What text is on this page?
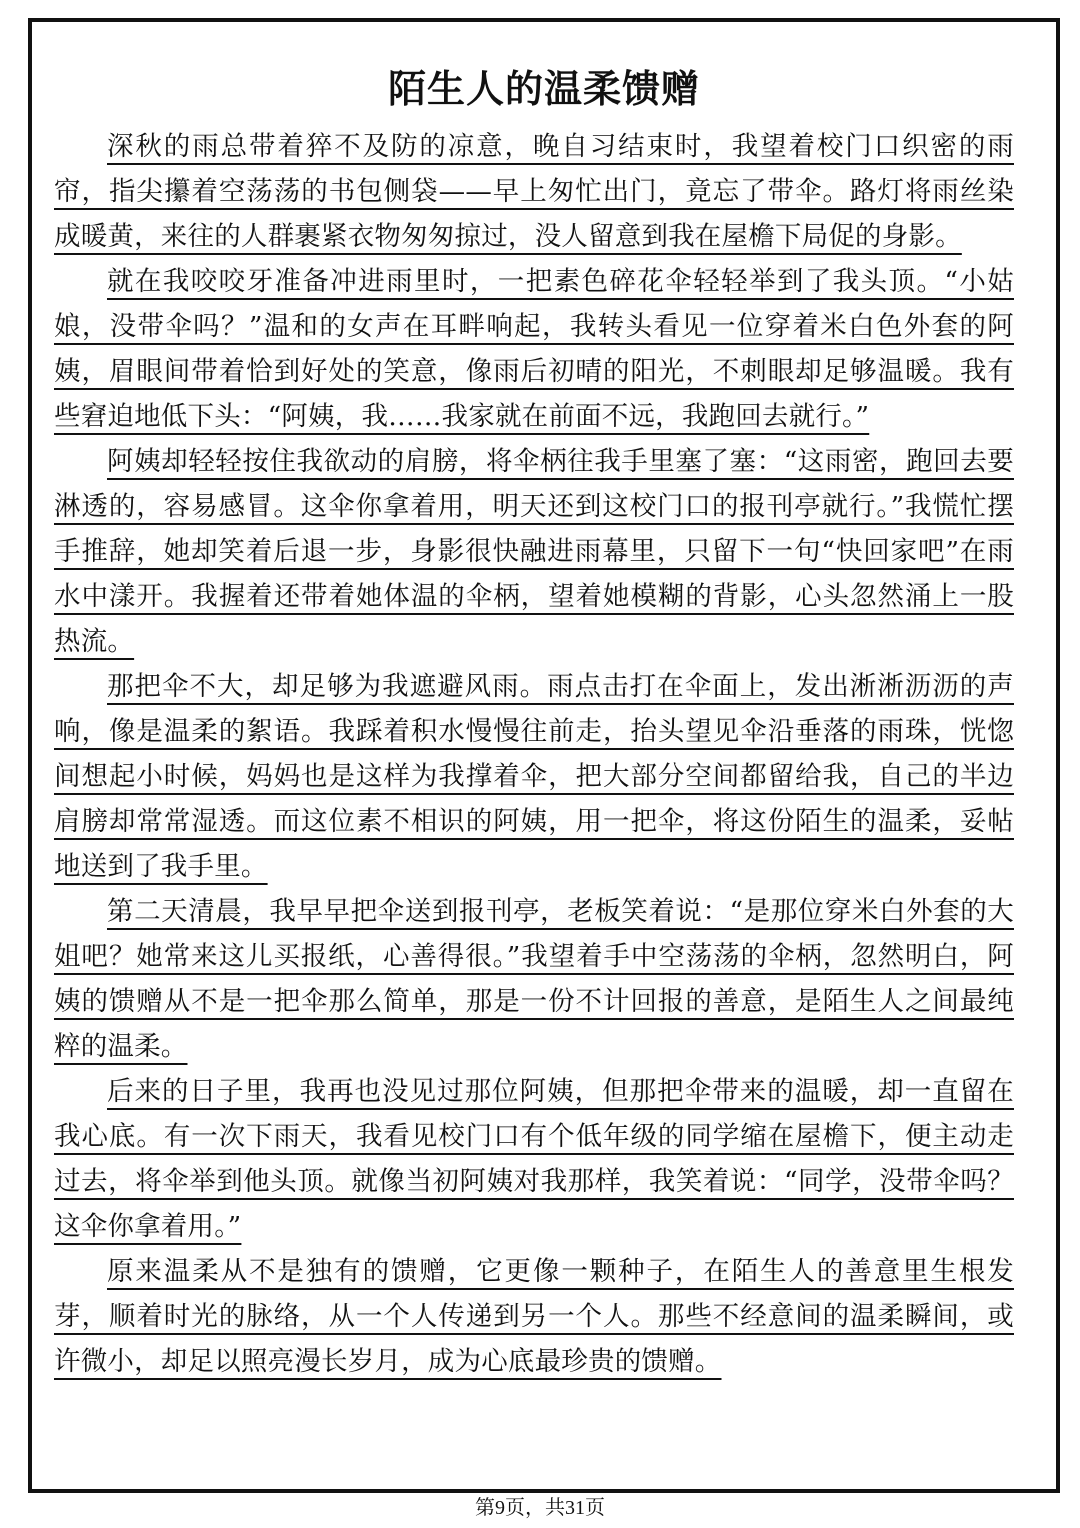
陌生人的温柔馈赠

深秋的雨总带着猝不及防的凉意，晚自习结束时，我望着校门口织密的雨帘，指尖攥着空荡荡的书包侧袋——早上匆忙出门，竟忘了带伞。路灯将雨丝染成暖黄，来往的人群裹紧衣物匆匆掠过，没人留意到我在屋檐下局促的身影。

就在我咬咬牙准备冲进雨里时，一把素色碎花伞轻轻举到了我头顶。“小姑娘，没带伞吗？”温和的女声在耳畔响起，我转头看见一位穿着米白色外套的阿姨，眉眼间带着恰到好处的笑意，像雨后初晴的阳光，不刺眼却足够温暖。我有些窘迫地低下头：“阿姨，我……我家就在前面不远，我跑回去就行。”

阿姨却轻轻按住我欲动的肩膀，将伞柄往我手里塞了塞：“这雨密，跑回去要淋透的，容易感冒。这伞你拿着用，明天还到这校门口的报刊亭就行。”我慌忙摆手推辞，她却笑着后退一步，身影很快融进雨幕里，只留下一句“快回家吧”在雨水中漾开。我握着还带着她体温的伞柄，望着她模糊的背影，心头忽然涌上一股热流。

那把伞不大，却足够为我遮避风雨。雨点击打在伞面上，发出淅淅沥沥的声响，像是温柔的絮语。我踩着积水慢慢往前走，抬头望见伞沿垂落的雨珠，恍惚间想起小时候，妈妈也是这样为我撑着伞，把大部分空间都留给我，自己的半边肩膀却常常湿透。而这位素不相识的阿姨，用一把伞，将这份陌生的温柔，妥帖地送到了我手里。

第二天清晨，我早早把伞送到报刊亭，老板笑着说：“是那位穿米白外套的大姐吧？她常来这儿买报纸，心善得很。”我望着手中空荡荡的伞柄，忽然明白，阿姨的馈赠从不是一把伞那么简单，那是一份不计回报的善意，是陌生人之间最纯粹的温柔。

后来的日子里，我再也没见过那位阿姨，但那把伞带来的温暖，却一直留在我心底。有一次下雨天，我看见校门口有个低年级的同学缩在屋檐下，便主动走过去，将伞举到他头顶。就像当初阿姨对我那样，我笑着说：“同学，没带伞吗？这伞你拿着用。”

原来温柔从不是独有的馈赠，它更像一颗种子，在陌生人的善意里生根发芽，顺着时光的脉络，从一个人传递到另一个人。那些不经意间的温柔瞬间，或许微小，却足以照亮漫长岁月，成为心底最珍贵的馈赠。

第9页，共31页
